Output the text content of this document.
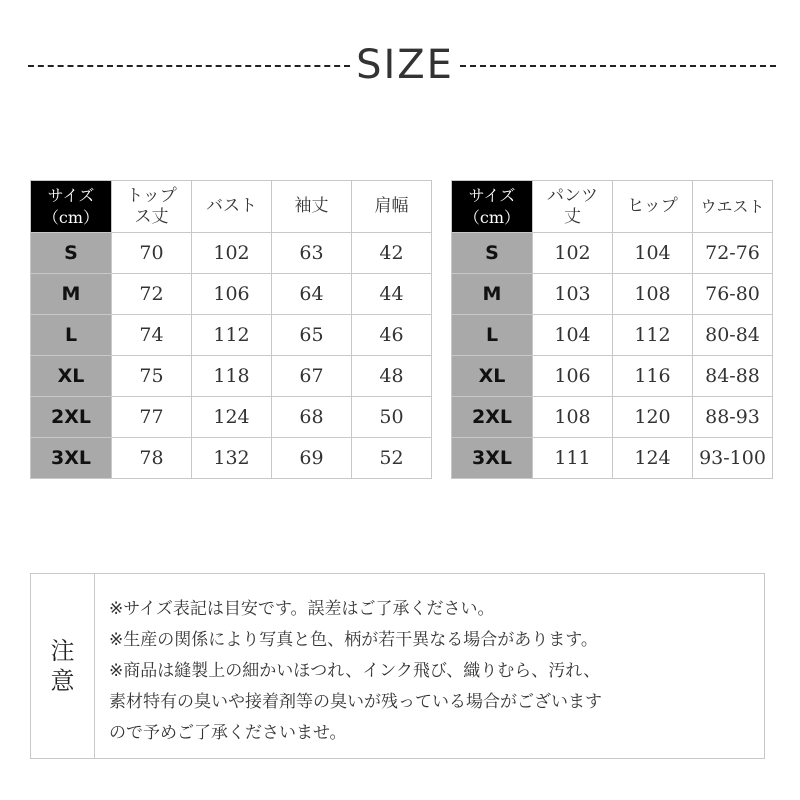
SIZE
サイズ
（cm）	トップス丈	バスト	袖丈	肩幅
S	70	102	63	42
M	72	106	64	44
L	74	112	65	46
XL	75	118	67	48
2XL	77	124	68	50
3XL	78	132	69	52
サイズ
（cm）	パンツ丈	ヒップ	ウエスト
S	102	104	72-76
M	103	108	76-80
L	104	112	80-84
XL	106	116	84-88
2XL	108	120	88-93
3XL	111	124	93-100
注
意
※サイズ表記は目安です。誤差はご了承ください。
※生産の関係により写真と色、柄が若干異なる場合があります。
※商品は縫製上の細かいほつれ、インク飛び、織りむら、汚れ、
素材特有の臭いや接着剤等の臭いが残っている場合がございます
ので予めご了承くださいませ。
